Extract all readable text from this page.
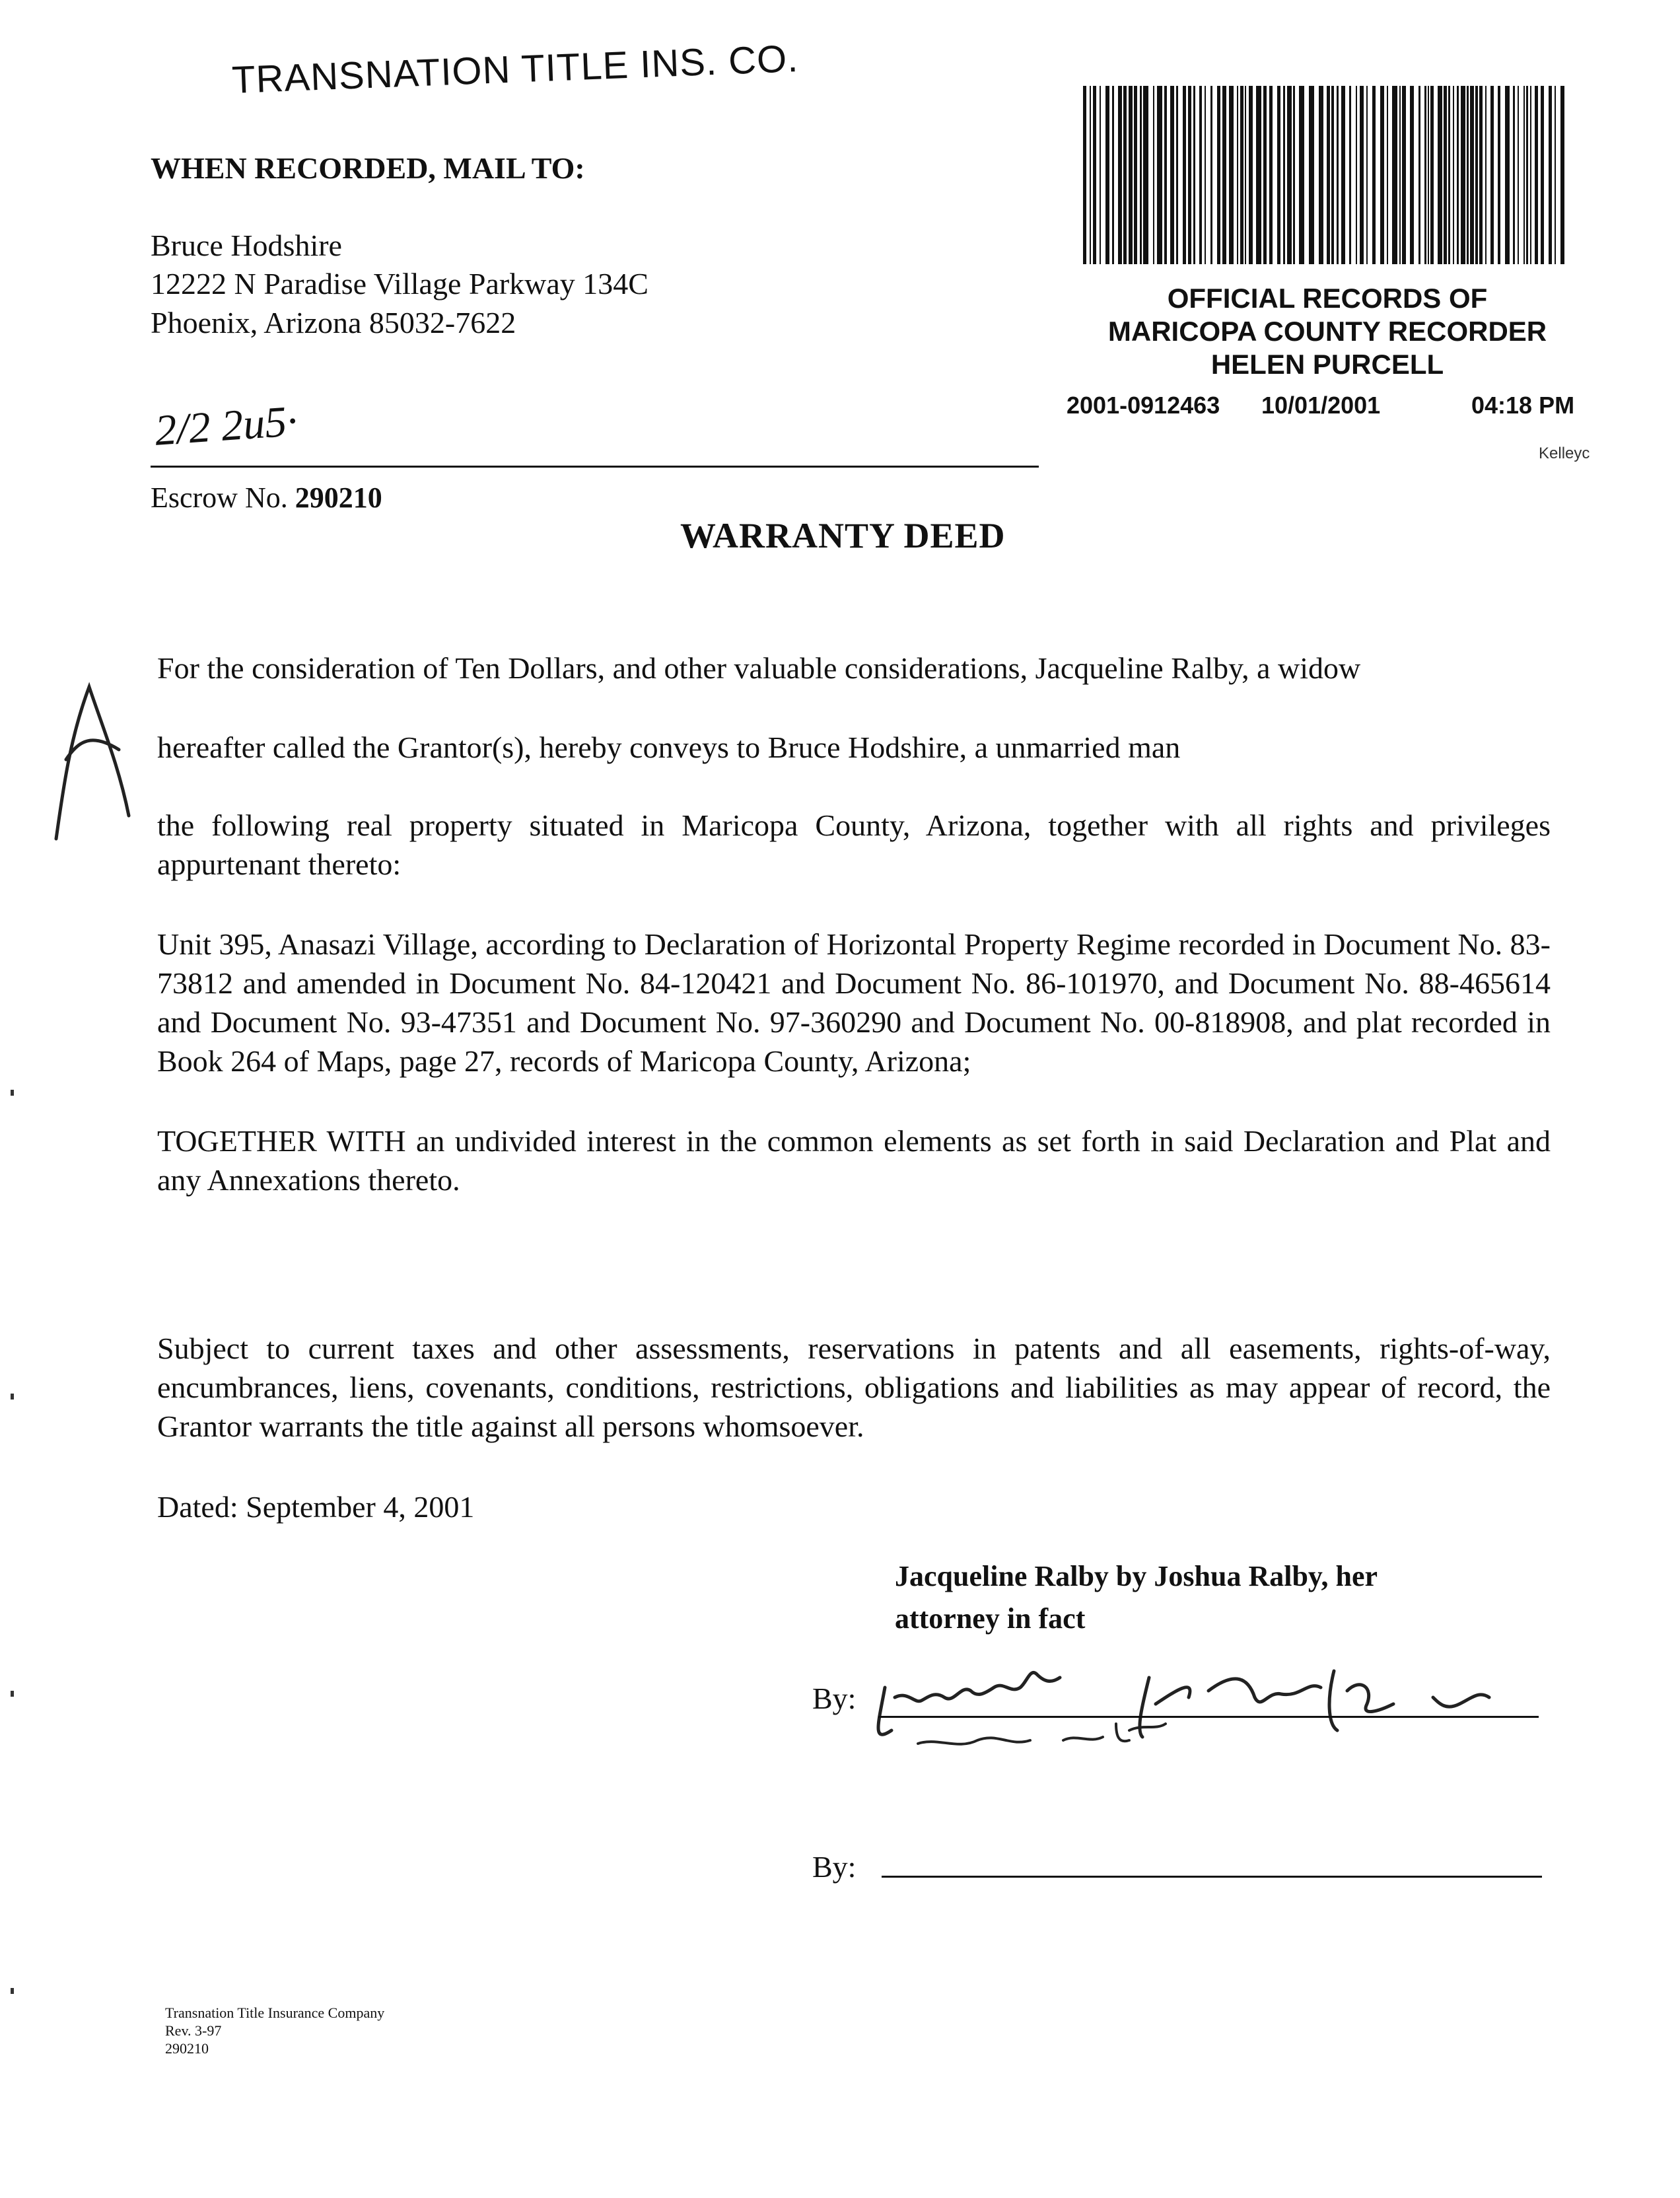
TRANSNATION TITLE INS. CO.
WHEN RECORDED, MAIL TO:
Bruce Hodshire
12222 N Paradise Village Parkway 134C
Phoenix, Arizona 85032-7622
2/2 2u5·
Escrow No. 290210
OFFICIAL RECORDS OF
MARICOPA COUNTY RECORDER
HELEN PURCELL
2001-0912463 10/01/2001	04:18 PM
Kelleyc
WARRANTY DEED
For the consideration of Ten Dollars, and other valuable considerations, Jacqueline Ralby, a widow
hereafter called the Grantor(s), hereby conveys to Bruce Hodshire, a unmarried man
the following real property situated in Maricopa County, Arizona, together with all rights and privileges appurtenant thereto:
Unit 395, Anasazi Village, according to Declaration of Horizontal Property Regime recorded in Document No. 83-73812 and amended in Document No. 84-120421 and Document No. 86-101970, and Document No. 88-465614 and Document No. 93-47351 and Document No. 97-360290 and Document No. 00-818908, and plat recorded in Book 264 of Maps, page 27, records of Maricopa County, Arizona;
TOGETHER WITH an undivided interest in the common elements as set forth in said Declaration and Plat and any Annexations thereto.
Subject to current taxes and other assessments, reservations in patents and all easements, rights-of-way, encumbrances, liens, covenants, conditions, restrictions, obligations and liabilities as may appear of record, the Grantor warrants the title against all persons whomsoever.
Dated: September 4, 2001
Jacqueline Ralby by Joshua Ralby, her attorney in fact
By:
By:
Transnation Title Insurance Company
Rev. 3-97
290210
